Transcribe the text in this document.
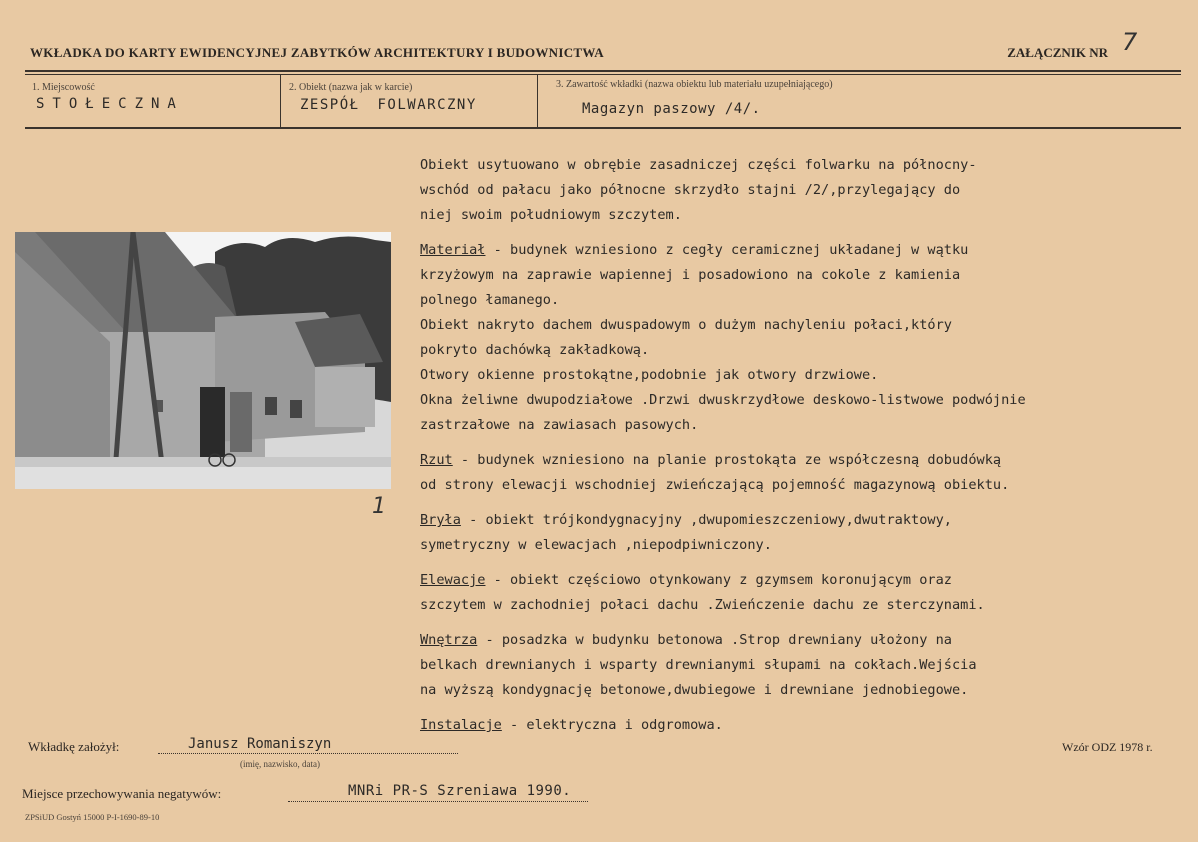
WKŁADKA DO KARTY EWIDENCYJNEJ ZABYTKÓW ARCHITEKTURY I BUDOWNICTWA	ZAŁĄCZNIK NR 7
1. Miejscowość
STOŁECZNA
2. Obiekt (nazwa jak w karcie)
ZESPÓŁ FOLWARCZNY
3. Zawartość wkładki (nazwa obiektu lub materiału uzupełniającego)
Magazyn paszowy /4/.
1

Obiekt usytuowano w obrębie zasadniczej części folwarku na północny-

wschód od pałacu jako północne skrzydło stajni /2/,przylegający do

niej swoim południowym szczytem.

Materiał - budynek wzniesiono z cegły ceramicznej układanej w wątku

krzyżowym na zaprawie wapiennej i posadowiono na cokole z kamienia

polnego łamanego.

Obiekt nakryto dachem dwuspadowym o dużym nachyleniu połaci,który

pokryto dachówką zakładkową.

Otwory okienne prostokątne,podobnie jak otwory drzwiowe.

Okna żeliwne dwupodziałowe .Drzwi dwuskrzydłowe deskowo-listwowe podwójnie

zastrzałowe na zawiasach pasowych.

Rzut - budynek wzniesiono na planie prostokąta ze współczesną dobudówką

od strony elewacji wschodniej zwieńczającą pojemność magazynową obiektu.

Bryła - obiekt trójkondygnacyjny ,dwupomieszczeniowy,dwutraktowy,

symetryczny w elewacjach ,niepodpiwniczony.

Elewacje - obiekt częściowo otynkowany z gzymsem koronującym oraz

szczytem w zachodniej połaci dachu .Zwieńczenie dachu ze sterczynami.

Wnętrza - posadzka w budynku betonowa .Strop drewniany ułożony na

belkach drewnianych i wsparty drewnianymi słupami na cokłach.Wejścia

na wyższą kondygnację betonowe,dwubiegowe i drewniane jednobiegowe.

Instalacje - elektryczna i odgromowa.

Wkładkę założył:	Janusz Romaniszyn
(imię, nazwisko, data)
Wzór ODZ 1978 r.
Miejsce przechowywania negatywów:	MNRi PR-S Szreniawa 1990.
ZPSiUD Gostyń 15000 P-I-1690-89-10
